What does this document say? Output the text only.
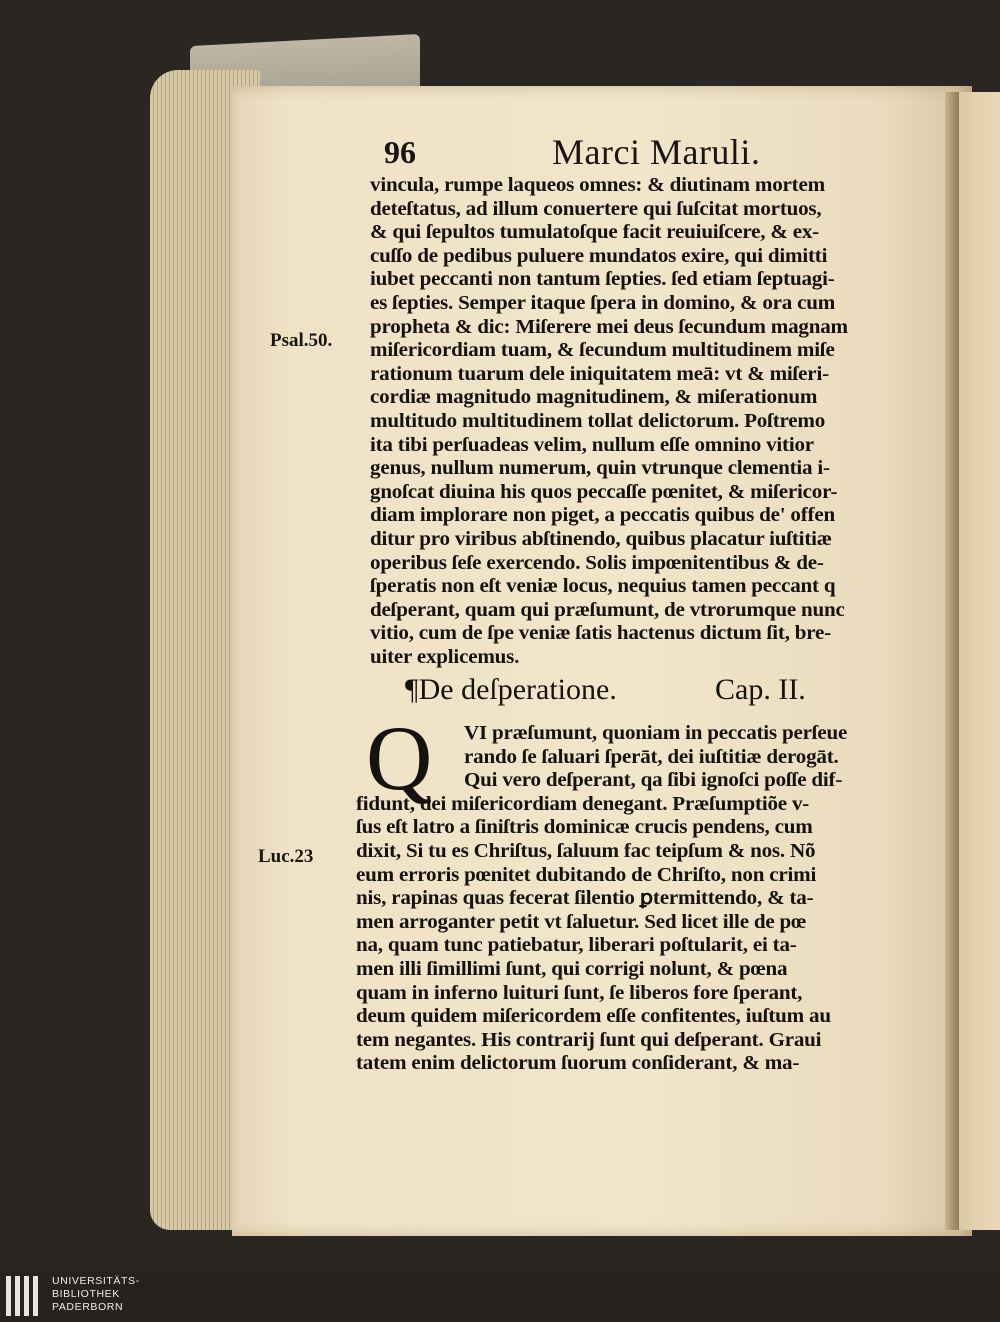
96	Marci Maruli.
vincula, rumpe laqueos omnes: & diutinam mortem
deteſtatus, ad illum conuertere qui ſuſcitat mortuos,
& qui ſepultos tumulatoſque facit reuiuiſcere, & ex-
cuſſo de pedibus puluere mundatos exire, qui dimitti
iubet peccanti non tantum ſepties. ſed etiam ſeptuagi-
es ſepties. Semper itaque ſpera in domino, & ora cum
propheta & dic: Miſerere mei deus ſecundum magnam
miſericordiam tuam, & ſecundum multitudinem miſe
rationum tuarum dele iniquitatem meā: vt & miſeri-
cordiæ magnitudo magnitudinem, & miſerationum
multitudo multitudinem tollat delictorum. Poſtremo
ita tibi perſuadeas velim, nullum eſſe omnino vitior
genus, nullum numerum, quin vtrunque clementia i-
gnoſcat diuina his quos peccaſſe pœnitet, & miſericor-
diam implorare non piget, a peccatis quibus de' offen
ditur pro viribus abſtinendo, quibus placatur iuſtitiæ
operibus ſeſe exercendo. Solis impœnitentibus & de-
ſperatis non eſt veniæ locus, nequius tamen peccant q
deſperant, quam qui præſumunt, de vtrorumque nunc
vitio, cum de ſpe veniæ ſatis hactenus dictum ſit, bre-
uiter explicemus.
Psal.50.
Luc.23
¶De deſperatione.	Cap. II.
Q	VI præſumunt, quoniam in peccatis perſeue
rando ſe ſaluari ſperāt, dei iuſtitiæ derogāt.
Qui vero deſperant, qa ſibi ignoſci poſſe dif-
fidunt, dei miſericordiam denegant. Præſumptiõe v-
ſus eſt latro a ſiniſtris dominicæ crucis pendens, cum
dixit, Si tu es Chriſtus, ſaluum fac teipſum & nos. Nõ
eum erroris pœnitet dubitando de Chriſto, non crimi
nis, rapinas quas fecerat ſilentio ꝑtermittendo, & ta-
men arroganter petit vt ſaluetur. Sed licet ille de pœ
na, quam tunc patiebatur, liberari poſtularit, ei ta-
men illi ſimillimi ſunt, qui corrigi nolunt, & pœna
quam in inferno luituri ſunt, ſe liberos fore ſperant,
deum quidem miſericordem eſſe confitentes, iuſtum au
tem negantes. His contrarij ſunt qui deſperant. Graui
tatem enim delictorum ſuorum conſiderant, & ma-
UNIVERSITÄTS-
BIBLIOTHEK
PADERBORN
